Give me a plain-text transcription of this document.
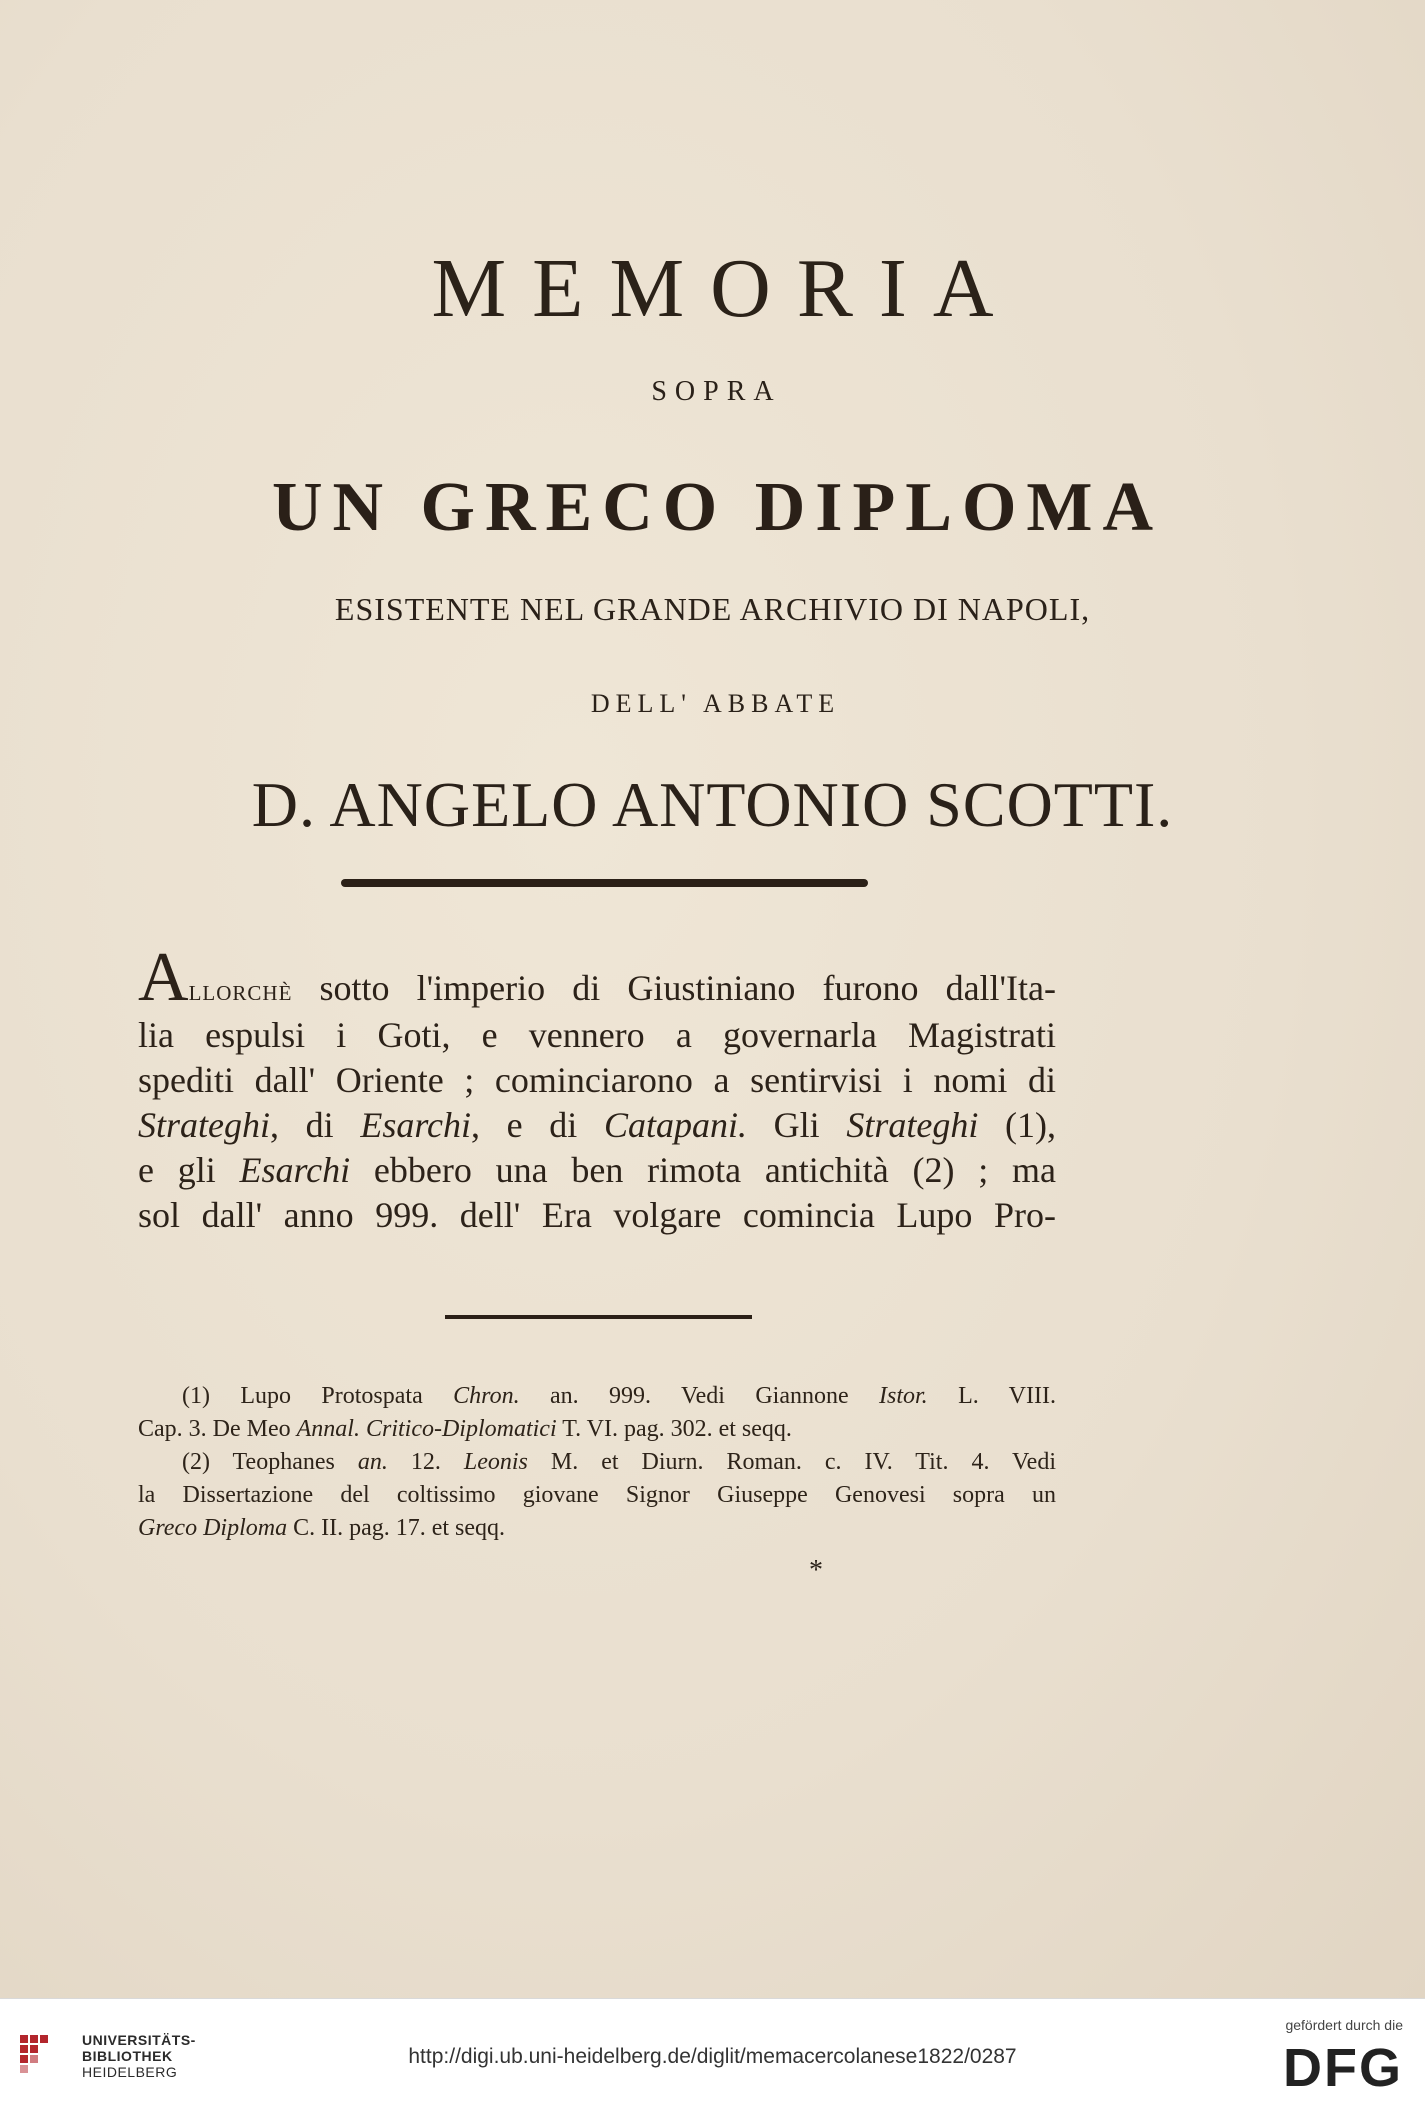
MEMORIA
SOPRA
UN GRECO DIPLOMA
ESISTENTE NEL GRANDE ARCHIVIO DI NAPOLI,
DELL' ABBATE
D. ANGELO ANTONIO SCOTTI.
Allorchè sotto l'imperio di Giustiniano furono dall'Ita-
lia espulsi i Goti, e vennero a governarla Magistrati
spediti dall' Oriente ; cominciarono a sentirvisi i nomi di
Strateghi, di Esarchi, e di Catapani. Gli Strateghi (1),
e gli Esarchi ebbero una ben rimota antichità (2) ; ma
sol dall' anno 999. dell' Era volgare comincia Lupo Pro-
(1) Lupo Protospata Chron. an. 999. Vedi Giannone Istor. L. VIII.
Cap. 3. De Meo Annal. Critico-Diplomatici T. VI. pag. 302. et seqq.
(2) Teophanes an. 12. Leonis M. et Diurn. Roman. c. IV. Tit. 4. Vedi
la Dissertazione del coltissimo giovane Signor Giuseppe Genovesi sopra un
Greco Diploma C. II. pag. 17. et seqq.
*
UNIVERSITÄTS-
BIBLIOTHEK
HEIDELBERG
http://digi.ub.uni-heidelberg.de/diglit/memacercolanese1822/0287
gefördert durch die
DFG
